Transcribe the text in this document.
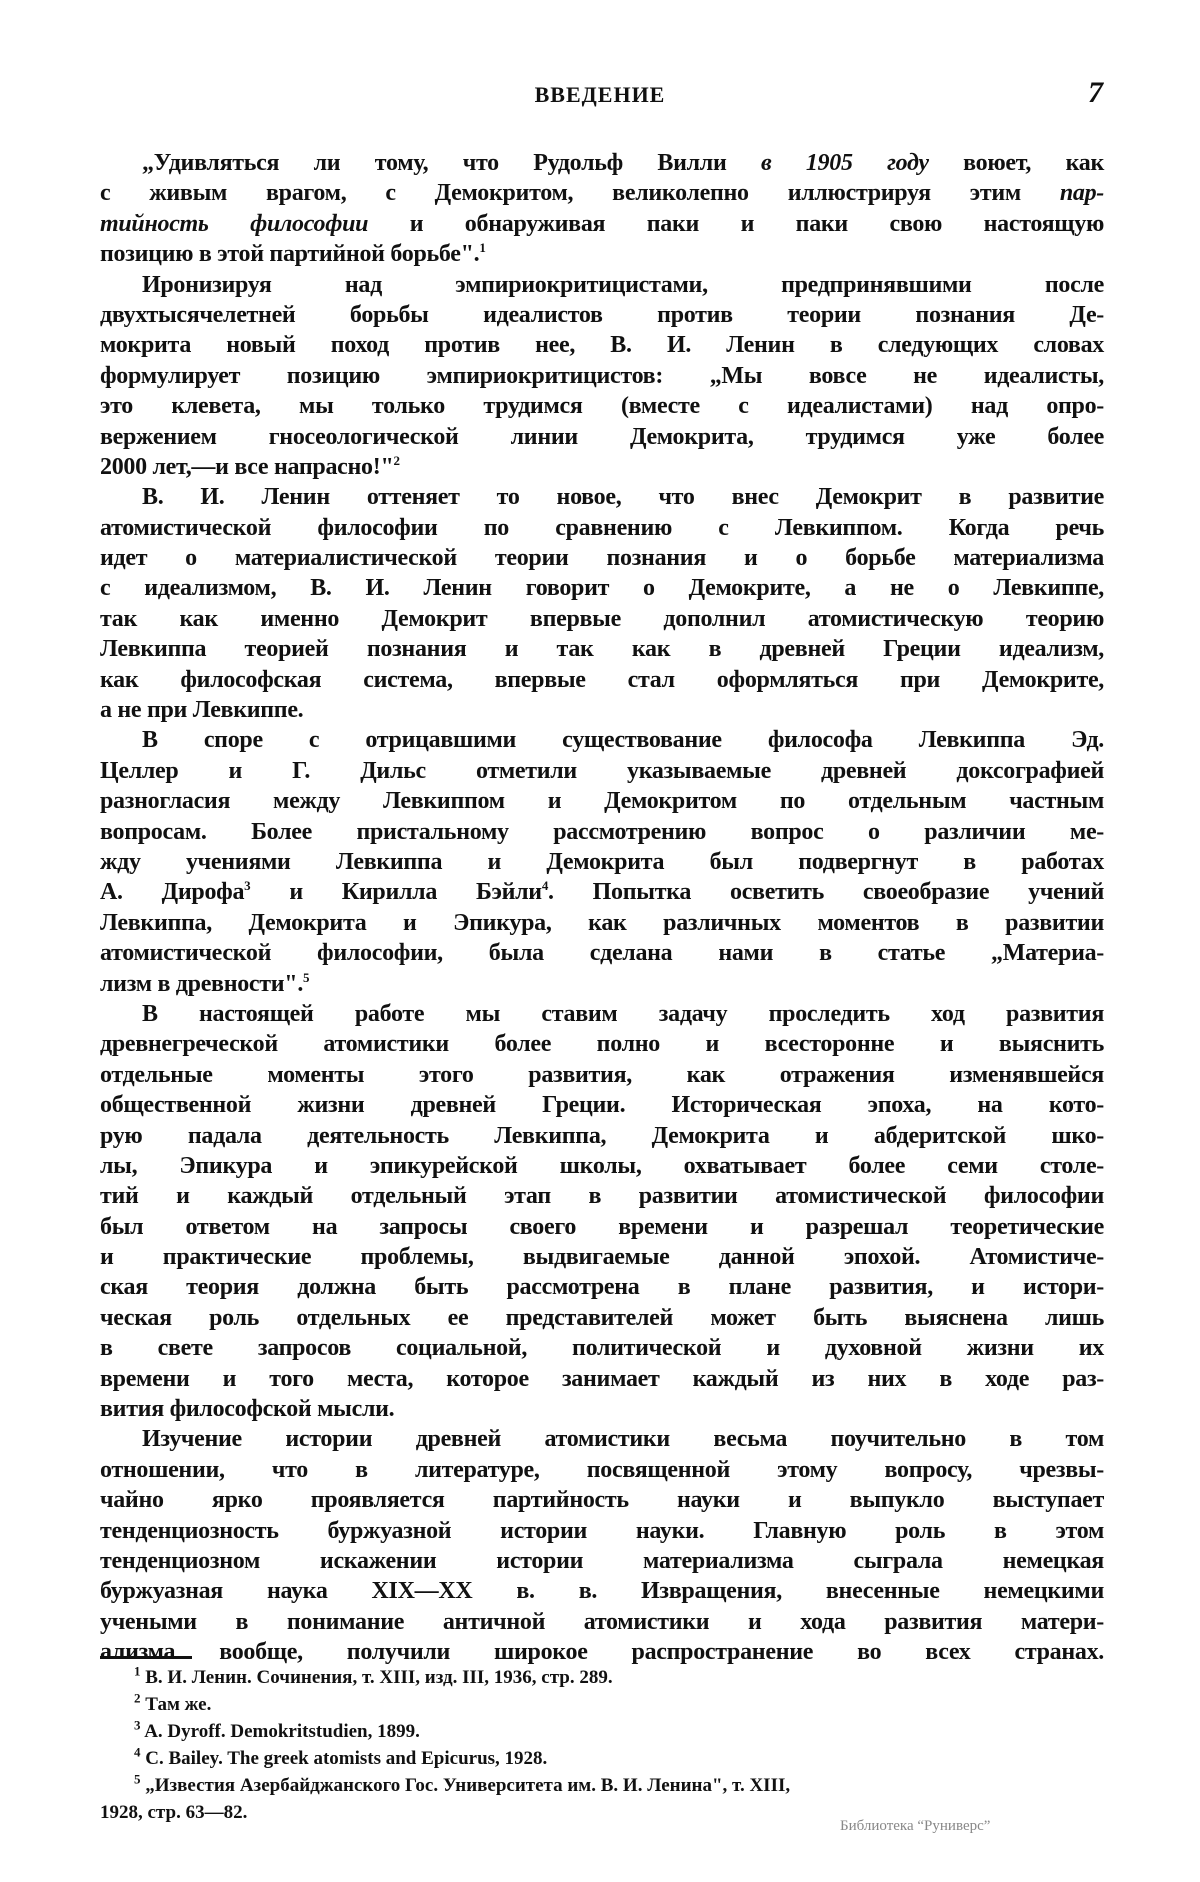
ВВЕДЕНИЕ	7
„Удивляться ли тому, что Рудольф Вилли в 1905 году воюет, как
с живым врагом, с Демокритом, великолепно иллюстрируя этим пар-
тийность философии и обнаруживая паки и паки свою настоящую
позицию в этой партийной борьбе".$^1$
Иронизируя над эмпириокритицистами, предпринявшими после
двухтысячелетней борьбы идеалистов против теории познания Де-
мокрита новый поход против нее, В. И. Ленин в следующих словах
формулирует позицию эмпириокритицистов: „Мы вовсе не идеалисты,
это клевета, мы только трудимся (вместе с идеалистами) над опро-
вержением гносеологической линии Демокрита, трудимся уже более
2000 лет,—и все напрасно!"$^2$
В. И. Ленин оттеняет то новое, что внес Демокрит в развитие
атомистической философии по сравнению с Левкиппом. Когда речь
идет о материалистической теории познания и о борьбе материализма
с идеализмом, В. И. Ленин говорит о Демокрите, а не о Левкиппе,
так как именно Демокрит впервые дополнил атомистическую теорию
Левкиппа теорией познания и так как в древней Греции идеализм,
как философская система, впервые стал оформляться при Демокрите,
а не при Левкиппе.
В споре с отрицавшими существование философа Левкиппа Эд.
Целлер и Г. Дильс отметили указываемые древней доксографией
разногласия между Левкиппом и Демокритом по отдельным частным
вопросам. Более пристальному рассмотрению вопрос о различии ме-
жду учениями Левкиппа и Демокрита был подвергнут в работах
А. Дирофа$^3$ и Кирилла Бэйли$^4$. Попытка осветить своеобразие учений
Левкиппа, Демокрита и Эпикура, как различных моментов в развитии
атомистической философии, была сделана нами в статье „Материа-
лизм в древности".$^5$
В настоящей работе мы ставим задачу проследить ход развития
древнегреческой атомистики более полно и всесторонне и выяснить
отдельные моменты этого развития, как отражения изменявшейся
общественной жизни древней Греции. Историческая эпоха, на кото-
рую падала деятельность Левкиппа, Демокрита и абдеритской шко-
лы, Эпикура и эпикурейской школы, охватывает более семи столе-
тий и каждый отдельный этап в развитии атомистической философии
был ответом на запросы своего времени и разрешал теоретические
и практические проблемы, выдвигаемые данной эпохой. Атомистиче-
ская теория должна быть рассмотрена в плане развития, и истори-
ческая роль отдельных ее представителей может быть выяснена лишь
в свете запросов социальной, политической и духовной жизни их
времени и того места, которое занимает каждый из них в ходе раз-
вития философской мысли.
Изучение истории древней атомистики весьма поучительно в том
отношении, что в литературе, посвященной этому вопросу, чрезвы-
чайно ярко проявляется партийность науки и выпукло выступает
тенденциозность буржуазной истории науки. Главную роль в этом
тенденциозном искажении истории материализма сыграла немецкая
буржуазная наука XIX—XX в. в. Извращения, внесенные немецкими
учеными в понимание античной атомистики и хода развития матери-
ализма вообще, получили широкое распространение во всех странах.
$^1$ В. И. Ленин. Сочинения, т. XIII, изд. III, 1936, стр. 289.
$^2$ Там же.
$^3$ A. Dyroff. Demokritstudien, 1899.
$^4$ C. Bailey. The greek atomists and Epicurus, 1928.
$^5$ „Известия Азербайджанского Гос. Университета им. В. И. Ленина", т. XIII,
1928, стр. 63—82.
Библиотека “Руниверс”
